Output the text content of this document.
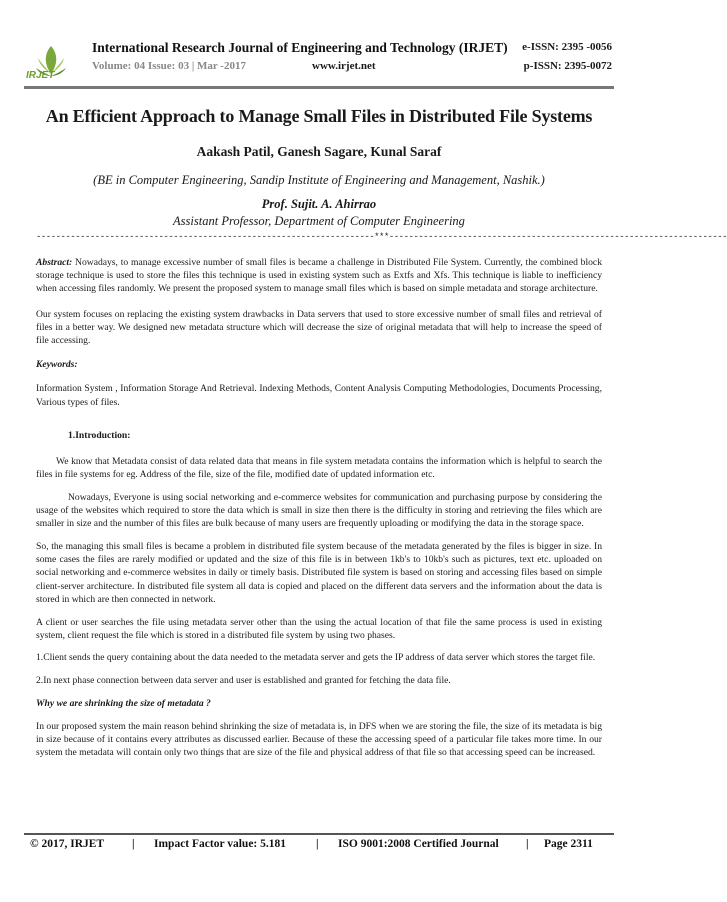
IRJET
International Research Journal of Engineering and Technology (IRJET) e-ISSN: 2395 -0056
Volume: 04 Issue: 03 | Mar -2017	www.irjet.net	p-ISSN: 2395-0072
An Efficient Approach to Manage Small Files in Distributed File Systems
Aakash Patil, Ganesh Sagare, Kunal Saraf
(BE in Computer Engineering, Sandip Institute of Engineering and Management, Nashik.)
Prof. Sujit. A. Ahirrao
Assistant Professor, Department of Computer Engineering
---------------------------------------------------------------------***---------------------------------------------------------------------

Abstract: Nowadays, to manage excessive number of small files is became a challenge in Distributed File System. Currently, the combined block storage technique is used to store the files this technique is used in existing system such as Extfs and Xfs. This technique is liable to inefficiency when accessing files randomly. We present the proposed system to manage small files which is based on simple metadata and storage architecture.

Our system focuses on replacing the existing system drawbacks in Data servers that used to store excessive number of small files and retrieval of files in a better way. We designed new metadata structure which will decrease the size of original metadata that will help to increase the speed of file accessing.

Keywords:

Information System , Information Storage And Retrieval. Indexing Methods, Content Analysis Computing Methodologies, Documents Processing, Various types of files.

1.Introduction:

We know that Metadata consist of data related data that means in file system metadata contains the information which is helpful to search the files in file systems for eg. Address of the file, size of the file, modified date of updated information etc.

Nowadays, Everyone is using social networking and e-commerce websites for communication and purchasing purpose by considering the usage of the websites which required to store the data which is small in size then there is the difficulty in storing and retrieving the files which are smaller in size and the number of this files are bulk because of many users are frequently uploading or modifying the data in the storage space.

So, the managing this small files is became a problem in distributed file system because of the metadata generated by the files is bigger in size. In some cases the files are rarely modified or updated and the size of this file is in between 1kb's to 10kb's such as pictures, text etc. uploaded on social networking and e-commerce websites in daily or timely basis. Distributed file system is based on storing and accessing files based on simple client-server architecture. In distributed file system all data is copied and placed on the different data servers and the information about the data is stored in which are then connected in network.

A client or user searches the file using metadata server other than the using the actual location of that file the same process is used in existing system, client request the file which is stored in a distributed file system by using two phases.

1.Client sends the query containing about the data needed to the metadata server and gets the IP address of data server which stores the target file.

2.In next phase connection between data server and user is established and granted for fetching the data file.

Why we are shrinking the size of metadata ?

In our proposed system the main reason behind shrinking the size of metadata is, in DFS when we are storing the file, the size of its metadata is big in size because of it contains every attributes as discussed earlier. Because of these the accessing speed of a particular file takes more time. In our system the metadata will contain only two things that are size of the file and physical address of that file so that accessing speed can be increased.

© 2017, IRJET | Impact Factor value: 5.181	| ISO 9001:2008 Certified Journal | Page 2311
